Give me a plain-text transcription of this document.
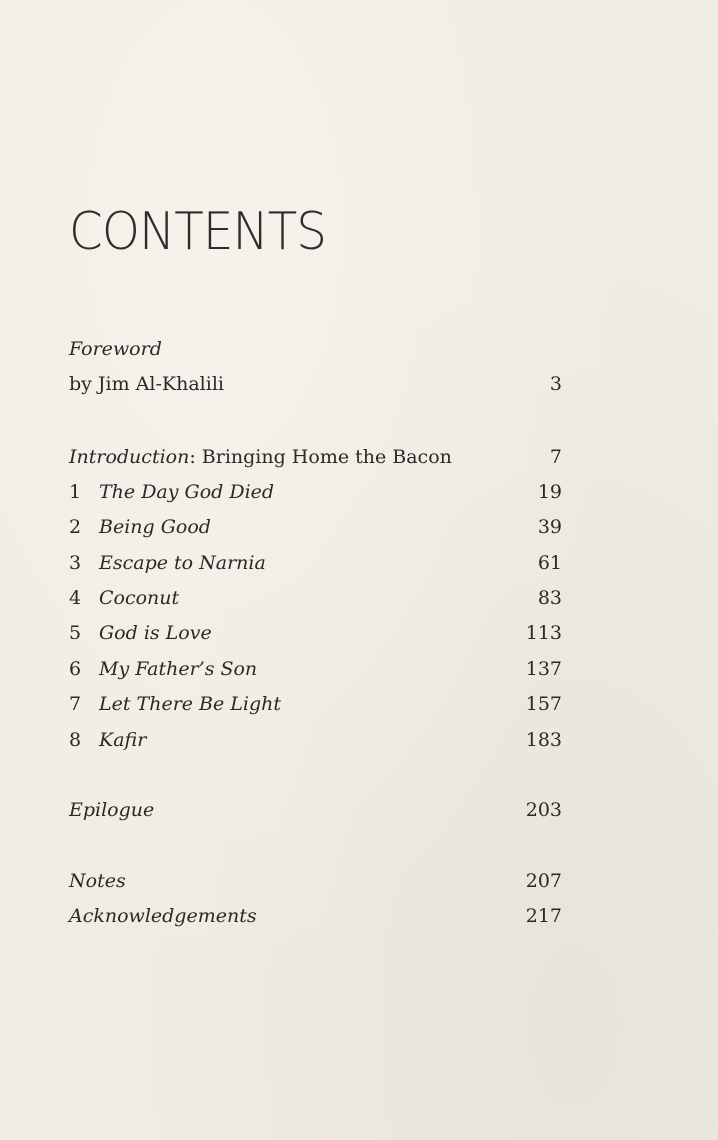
CONTENTS
Foreword
by Jim Al-Khalili	3
Introduction: Bringing Home the Bacon	7
1 The Day God Died	19
2 Being Good	39
3 Escape to Narnia	61
4 Coconut	83
5 God is Love	113
6 My Father’s Son	137
7 Let There Be Light	157
8 Kafir	183
Epilogue	203
Notes	207
Acknowledgements	217
